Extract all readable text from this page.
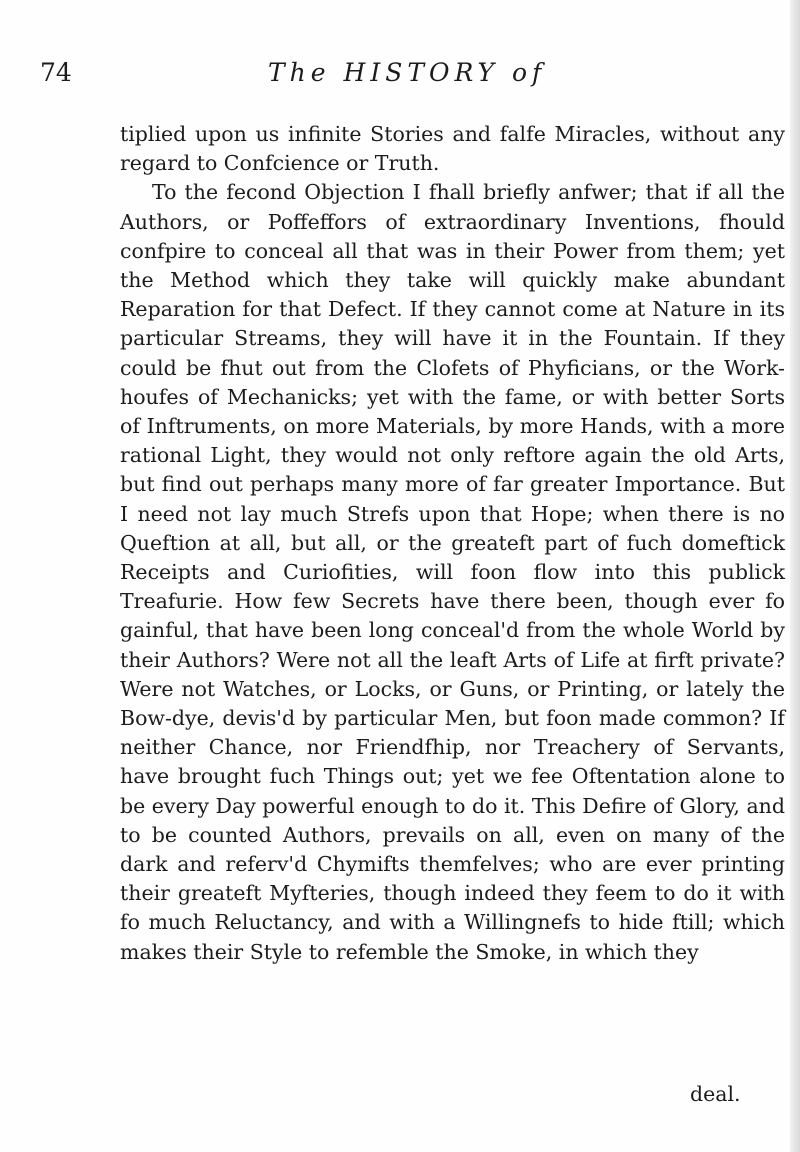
74	The HISTORY of

tiplied upon us infinite Stories and falfe Miracles, without any regard to Confcience or Truth.

To the fecond Objection I fhall briefly anfwer; that if all the Authors, or Poffeffors of extraordinary Inventions, fhould confpire to conceal all that was in their Power from them; yet the Method which they take will quickly make abundant Reparation for that Defect. If they cannot come at Nature in its particular Streams, they will have it in the Fountain. If they could be fhut out from the Clofets of Phyficians, or the Work-houfes of Mechanicks; yet with the fame, or with better Sorts of Inftruments, on more Materials, by more Hands, with a more rational Light, they would not only reftore again the old Arts, but find out perhaps many more of far greater Importance. But I need not lay much Strefs upon that Hope; when there is no Queftion at all, but all, or the greateft part of fuch domeftick Receipts and Curiofities, will foon flow into this publick Treafurie. How few Secrets have there been, though ever fo gainful, that have been long conceal'd from the whole World by their Authors? Were not all the leaft Arts of Life at firft private? Were not Watches, or Locks, or Guns, or Printing, or lately the Bow-dye, devis'd by particular Men, but foon made common? If neither Chance, nor Friendfhip, nor Treachery of Servants, have brought fuch Things out; yet we fee Oftentation alone to be every Day powerful enough to do it. This Defire of Glory, and to be counted Authors, prevails on all, even on many of the dark and referv'd Chymifts themfelves; who are ever printing their greateft Myfteries, though indeed they feem to do it with fo much Reluctancy, and with a Willingnefs to hide ftill; which makes their Style to refemble the Smoke, in which they

deal.
